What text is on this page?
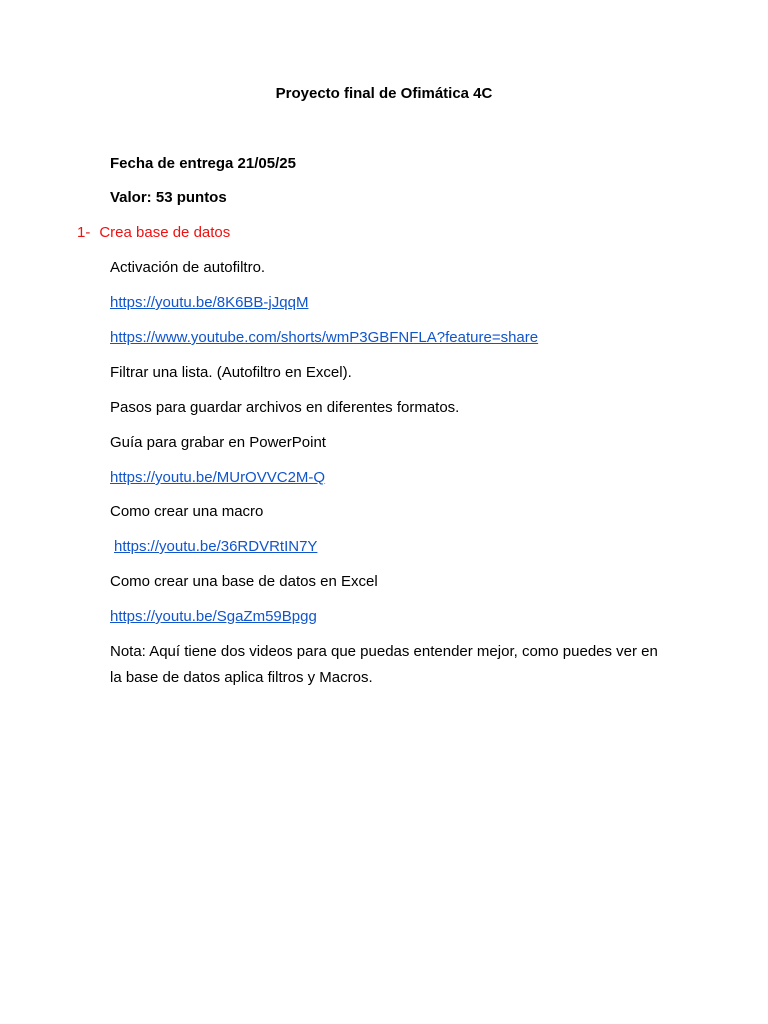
Proyecto final de Ofimática 4C
Fecha de entrega 21/05/25
Valor: 53 puntos
1- Crea base de datos
Activación de autofiltro.
https://youtu.be/8K6BB-jJqqM
https://www.youtube.com/shorts/wmP3GBFNFLA?feature=share
Filtrar una lista. (Autofiltro en Excel).
Pasos para guardar archivos en diferentes formatos.
Guía para grabar en PowerPoint
https://youtu.be/MUrOVVC2M-Q
Como crear una macro
https://youtu.be/36RDVRtIN7Y
Como crear una base de datos en Excel
https://youtu.be/SgaZm59Bpgg
Nota: Aquí tiene dos videos para que puedas entender mejor, como puedes ver en la base de datos aplica filtros y Macros.
